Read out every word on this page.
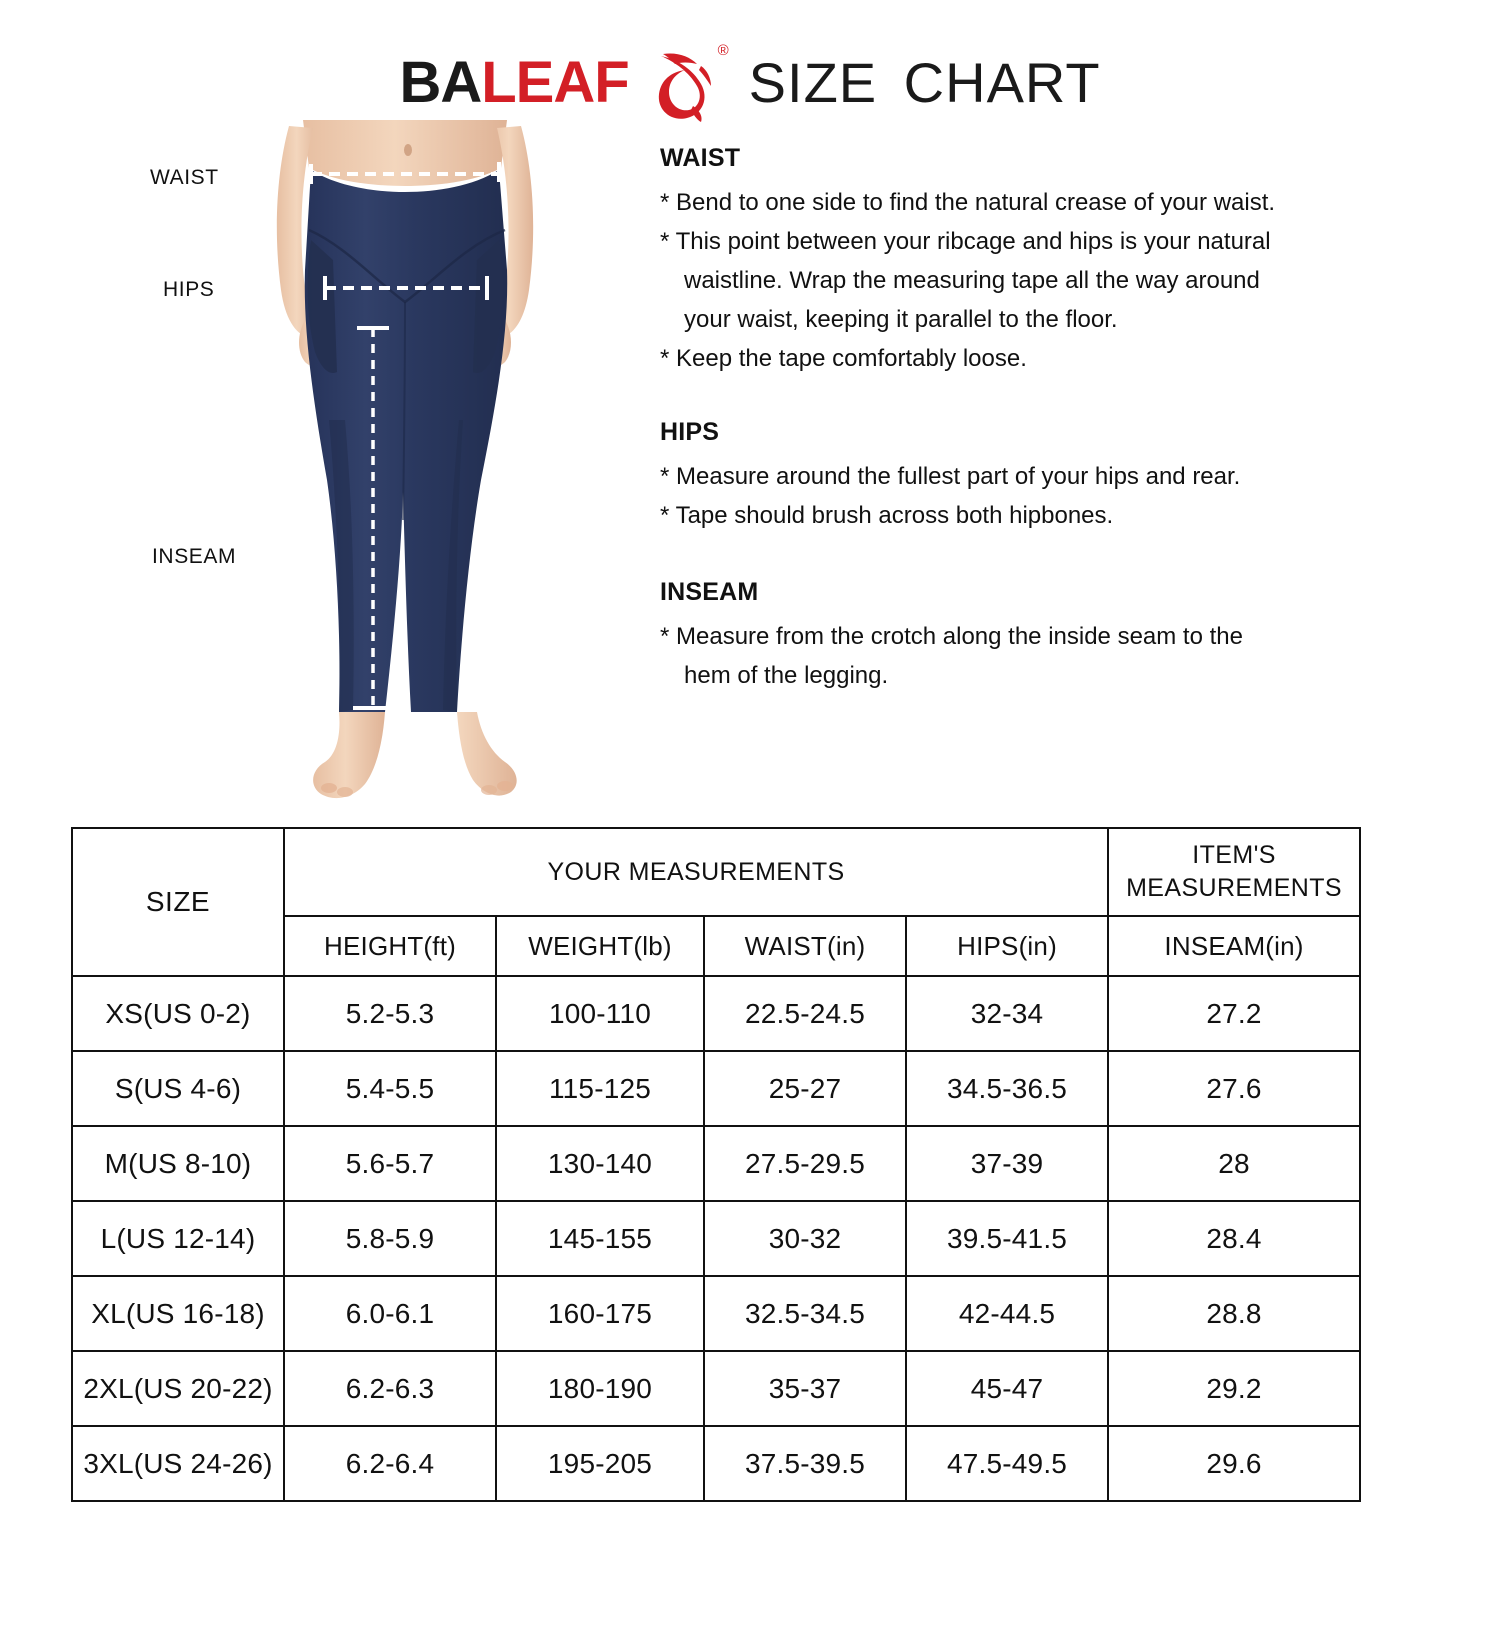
BALEAF	®
SIZE CHART
WAIST
HIPS
INSEAM
WAIST
* Bend to one side to find the natural crease of your waist.
* This point between your ribcage and hips is your natural
waistline. Wrap the measuring tape all the way around
your waist, keeping it parallel to the floor.
* Keep the tape comfortably loose.
HIPS
* Measure around the fullest part of your hips and rear.
* Tape should brush across both hipbones.
INSEAM
* Measure from the crotch along the inside seam to the
hem of the legging.
SIZE	YOUR MEASUREMENTS				ITEM'S MEASUREMENTS
	HEIGHT(ft)	WEIGHT(lb)	WAIST(in)	HIPS(in)	INSEAM(in)
XS(US 0-2)	5.2-5.3	100-110	22.5-24.5	32-34	27.2
S(US 4-6)	5.4-5.5	115-125	25-27	34.5-36.5	27.6
M(US 8-10)	5.6-5.7	130-140	27.5-29.5	37-39	28
L(US 12-14)	5.8-5.9	145-155	30-32	39.5-41.5	28.4
XL(US 16-18)	6.0-6.1	160-175	32.5-34.5	42-44.5	28.8
2XL(US 20-22)	6.2-6.3	180-190	35-37	45-47	29.2
3XL(US 24-26)	6.2-6.4	195-205	37.5-39.5	47.5-49.5	29.6
